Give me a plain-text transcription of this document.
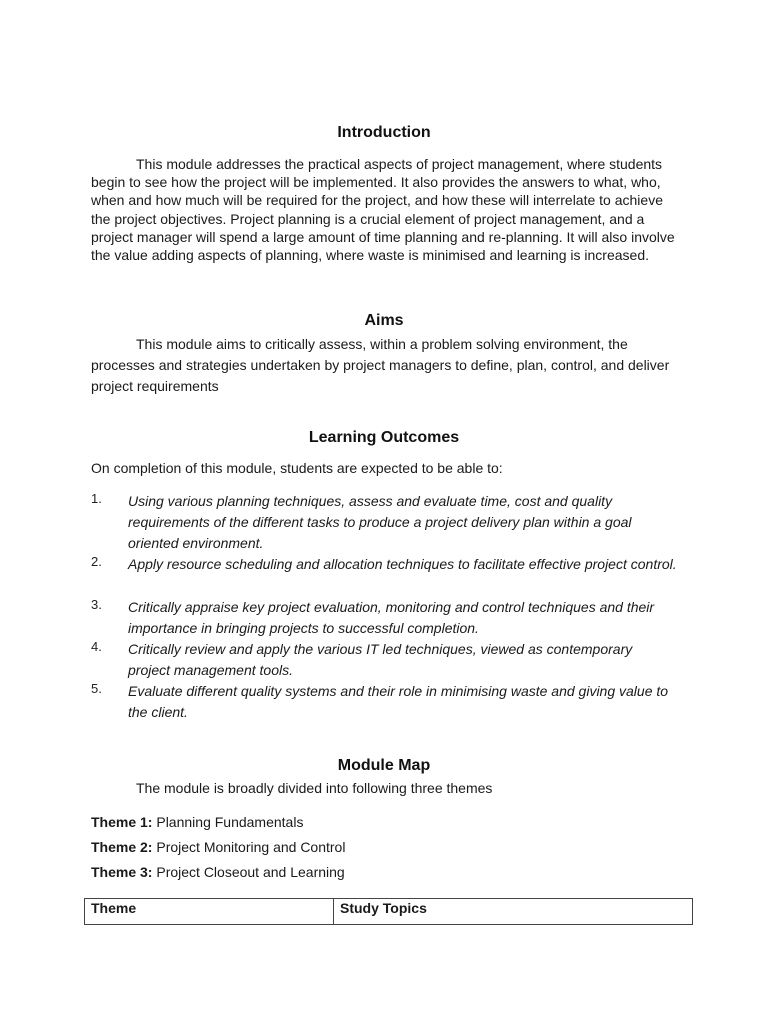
Introduction
This module addresses the practical aspects of project management, where students begin to see how the project will be implemented. It also provides the answers to what, who, when and how much will be required for the project, and how these will interrelate to achieve the project objectives. Project planning is a crucial element of project management, and a project manager will spend a large amount of time planning and re-planning. It will also involve the value adding aspects of planning, where waste is minimised and learning is increased.
Aims
This module aims to critically assess, within a problem solving environment, the processes and strategies undertaken by project managers to define, plan, control, and deliver project requirements
Learning Outcomes
On completion of this module, students are expected to be able to:
1. Using various planning techniques, assess and evaluate time, cost and quality requirements of the different tasks to produce a project delivery plan within a goal oriented environment.
2. Apply resource scheduling and allocation techniques to facilitate effective project control.
3. Critically appraise key project evaluation, monitoring and control techniques and their importance in bringing projects to successful completion.
4. Critically review and apply the various IT led techniques, viewed as contemporary project management tools.
5. Evaluate different quality systems and their role in minimising waste and giving value to the client.
Module Map
The module is broadly divided into following three themes
Theme 1: Planning Fundamentals
Theme 2: Project Monitoring and Control
Theme 3: Project Closeout and Learning
Theme	Study Topics
